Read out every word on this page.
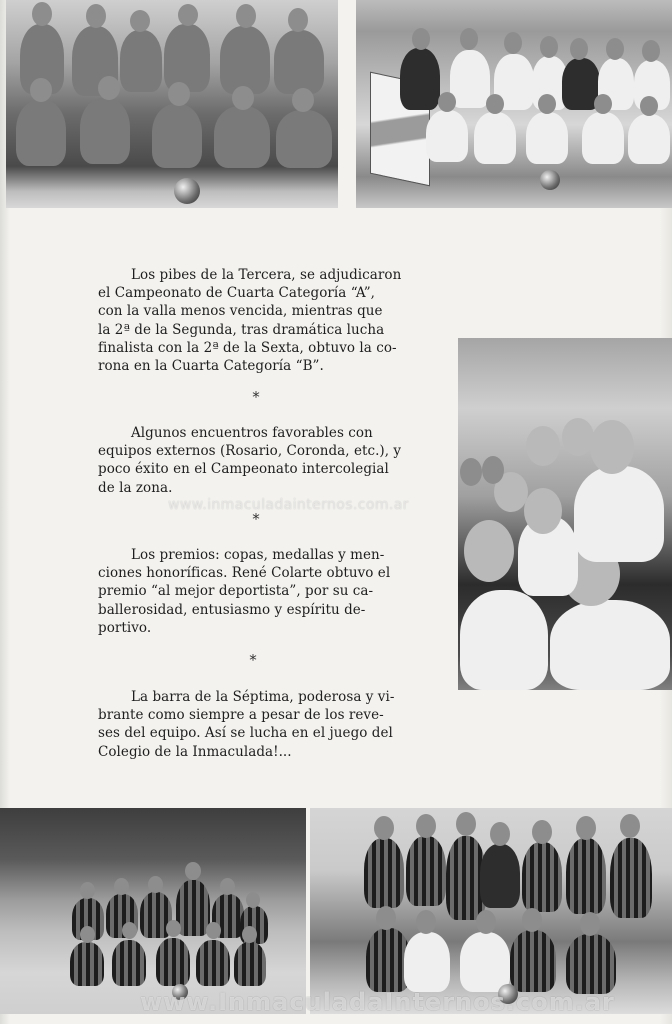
Los pibes de la Tercera, se adjudicaron

el Campeonato de Cuarta Categoría “A”,
con la valla menos vencida, mientras que
la 2ª de la Segunda, tras dramática lucha
finalista con la 2ª de la Sexta, obtuvo la co-
rona en la Cuarta Categoría “B”.
*

Algunos encuentros favorables con

equipos externos (Rosario, Coronda, etc.), y
poco éxito en el Campeonato intercolegial
de la zona.
*

Los premios: copas, medallas y men-

ciones honoríficas. René Colarte obtuvo el
premio “al mejor deportista”, por su ca-
ballerosidad, entusiasmo y espíritu de-
portivo.
*

La barra de la Séptima, poderosa y vi-

brante como siempre a pesar de los reve-
ses del equipo. Así se lucha en el juego del
Colegio de la Inmaculada!...
www.inmaculadainternos.com.ar
www.InmaculadaInternos.com.ar
